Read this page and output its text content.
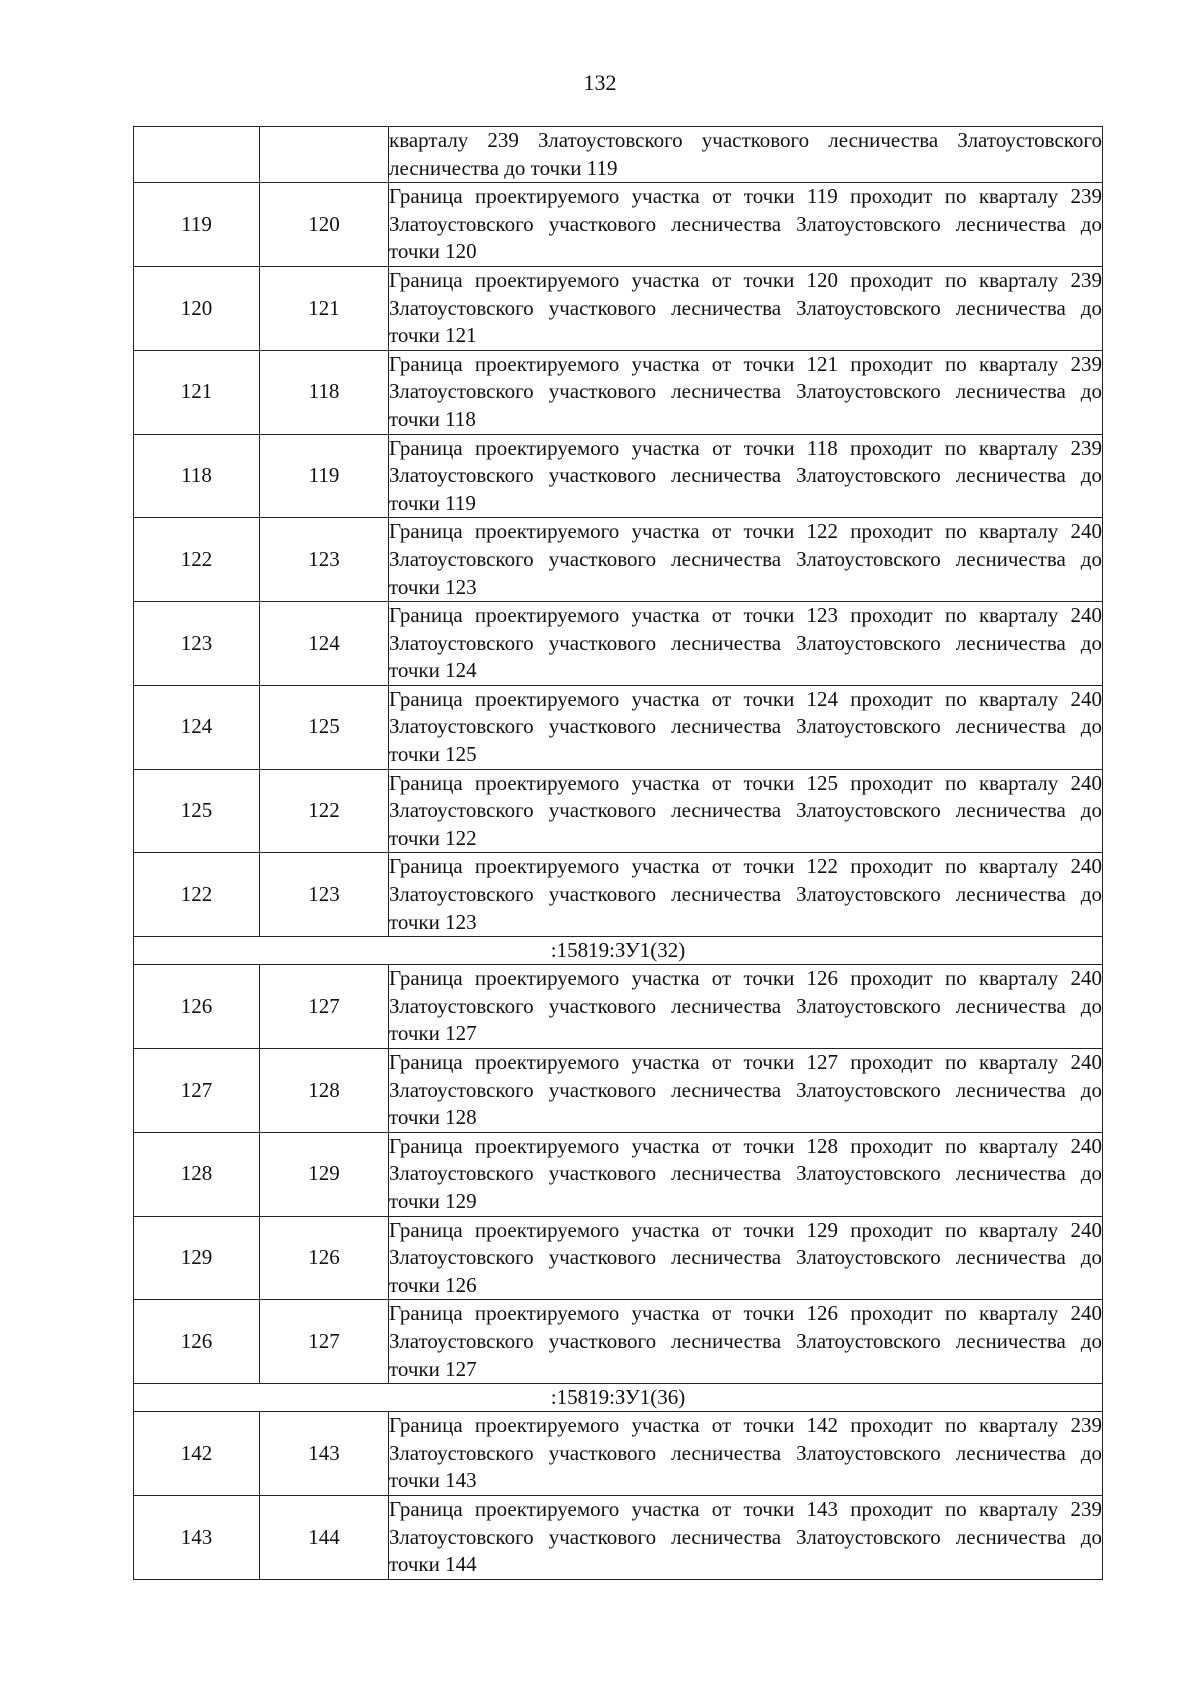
132
		кварталу 239 Златоустовского участкового лесничества Златоустовского лесничества до точки 119
119	120	Граница проектируемого участка от точки 119 проходит по кварталу 239 Златоустовского участкового лесничества Златоустовского лесничества до точки 120
120	121	Граница проектируемого участка от точки 120 проходит по кварталу 239 Златоустовского участкового лесничества Златоустовского лесничества до точки 121
121	118	Граница проектируемого участка от точки 121 проходит по кварталу 239 Златоустовского участкового лесничества Златоустовского лесничества до точки 118
118	119	Граница проектируемого участка от точки 118 проходит по кварталу 239 Златоустовского участкового лесничества Златоустовского лесничества до точки 119
122	123	Граница проектируемого участка от точки 122 проходит по кварталу 240 Златоустовского участкового лесничества Златоустовского лесничества до точки 123
123	124	Граница проектируемого участка от точки 123 проходит по кварталу 240 Златоустовского участкового лесничества Златоустовского лесничества до точки 124
124	125	Граница проектируемого участка от точки 124 проходит по кварталу 240 Златоустовского участкового лесничества Златоустовского лесничества до точки 125
125	122	Граница проектируемого участка от точки 125 проходит по кварталу 240 Златоустовского участкового лесничества Златоустовского лесничества до точки 122
122	123	Граница проектируемого участка от точки 122 проходит по кварталу 240 Златоустовского участкового лесничества Златоустовского лесничества до точки 123
:15819:ЗУ1(32)		
126	127	Граница проектируемого участка от точки 126 проходит по кварталу 240 Златоустовского участкового лесничества Златоустовского лесничества до точки 127
127	128	Граница проектируемого участка от точки 127 проходит по кварталу 240 Златоустовского участкового лесничества Златоустовского лесничества до точки 128
128	129	Граница проектируемого участка от точки 128 проходит по кварталу 240 Златоустовского участкового лесничества Златоустовского лесничества до точки 129
129	126	Граница проектируемого участка от точки 129 проходит по кварталу 240 Златоустовского участкового лесничества Златоустовского лесничества до точки 126
126	127	Граница проектируемого участка от точки 126 проходит по кварталу 240 Златоустовского участкового лесничества Златоустовского лесничества до точки 127
:15819:ЗУ1(36)		
142	143	Граница проектируемого участка от точки 142 проходит по кварталу 239 Златоустовского участкового лесничества Златоустовского лесничества до точки 143
143	144	Граница проектируемого участка от точки 143 проходит по кварталу 239 Златоустовского участкового лесничества Златоустовского лесничества до точки 144
